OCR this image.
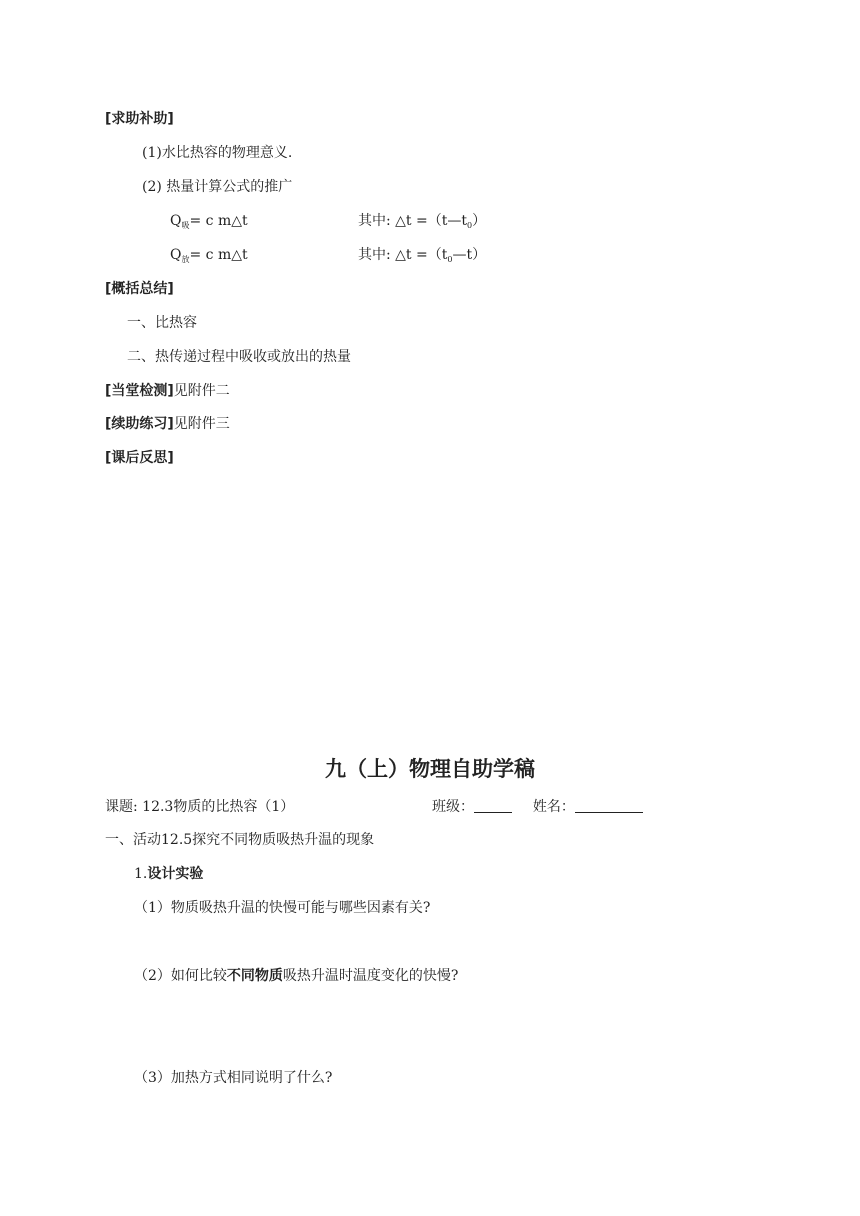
[求助补助]
(1)水比热容的物理意义.
(2) 热量计算公式的推广
$Q_吸= c$ m△t	其中: △t $=(t—t_0)$
$Q_放= c$ m△t	其中: △t $=(t_0—t)$
[概括总结]
一、比热容
二、热传递过程中吸收或放出的热量
[当堂检测]见附件二
[续助练习]见附件三
[课后反思]
九（上）物理自助学稿
课题: 12.3物质的比热容（1）	班级：	姓名：
一、活动12.5探究不同物质吸热升温的现象
1.设计实验
（1）物质吸热升温的快慢可能与哪些因素有关?
（2）如何比较不同物质吸热升温时温度变化的快慢?
（3）加热方式相同说明了什么?
